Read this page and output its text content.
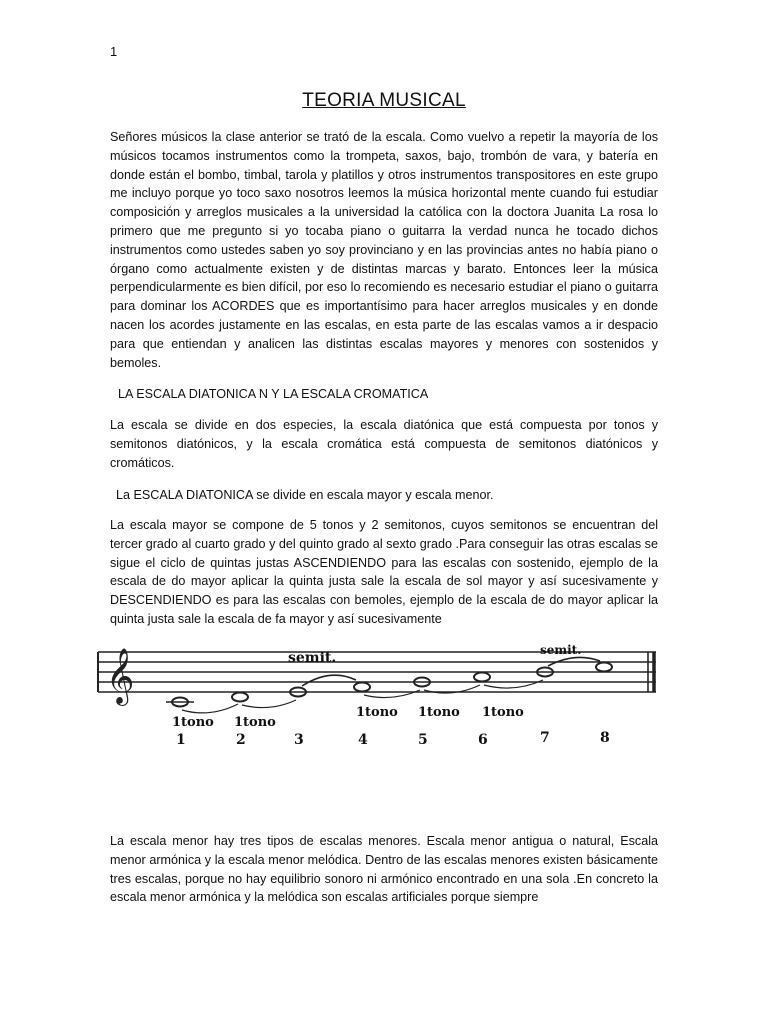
1
TEORIA MUSICAL

Señores músicos la clase anterior se trató de la escala. Como vuelvo a repetir la mayoría de los músicos tocamos instrumentos como la trompeta, saxos, bajo, trombón de vara, y batería en donde están el bombo, timbal, tarola y platillos y otros instrumentos transpositores en este grupo me incluyo porque yo toco saxo nosotros leemos la música horizontal mente cuando fui estudiar composición y arreglos musicales a la universidad la católica con la doctora Juanita La rosa lo primero que me pregunto si yo tocaba piano o guitarra la verdad nunca he tocado dichos instrumentos como ustedes saben yo soy provinciano y en las provincias antes no había piano o órgano como actualmente existen y de distintas marcas y barato. Entonces leer la música perpendicularmente es bien difícil, por eso lo recomiendo es necesario estudiar el piano o guitarra para dominar los ACORDES que es importantísimo para hacer arreglos musicales y en donde nacen los acordes justamente en las escalas, en esta parte de las escalas vamos a ir despacio para que entiendan y analicen las distintas escalas mayores y menores con sostenidos y bemoles.

LA ESCALA DIATONICA N Y LA ESCALA CROMATICA

La escala se divide en dos especies, la escala diatónica que está compuesta por tonos y semitonos diatónicos, y la escala cromática está compuesta de semitonos diatónicos y cromáticos.

La ESCALA DIATONICA se divide en escala mayor y escala menor.

La escala mayor se compone de 5 tonos y 2 semitonos, cuyos semitonos se encuentran del tercer grado al cuarto grado y del quinto grado al sexto grado .Para conseguir las otras escalas se sigue el ciclo de quintas justas ASCENDIENDO para las escalas con sostenido, ejemplo de la escala de do mayor aplicar la quinta justa sale la escala de sol mayor y así sucesivamente y DESCENDIENDO es para las escalas con bemoles, ejemplo de la escala de do mayor aplicar la quinta justa sale la escala de fa mayor y así sucesivamente

𝄞	semit.	semit.
1tono 1tono
1tono 1tono 1tono
1	2	3	4	5	6	7	8

La escala menor hay tres tipos de escalas menores. Escala menor antigua o natural, Escala menor armónica y la escala menor melódica. Dentro de las escalas menores existen básicamente tres escalas, porque no hay equilibrio sonoro ni armónico encontrado en una sola .En concreto la escala menor armónica y la melódica son escalas artificiales porque siempre
